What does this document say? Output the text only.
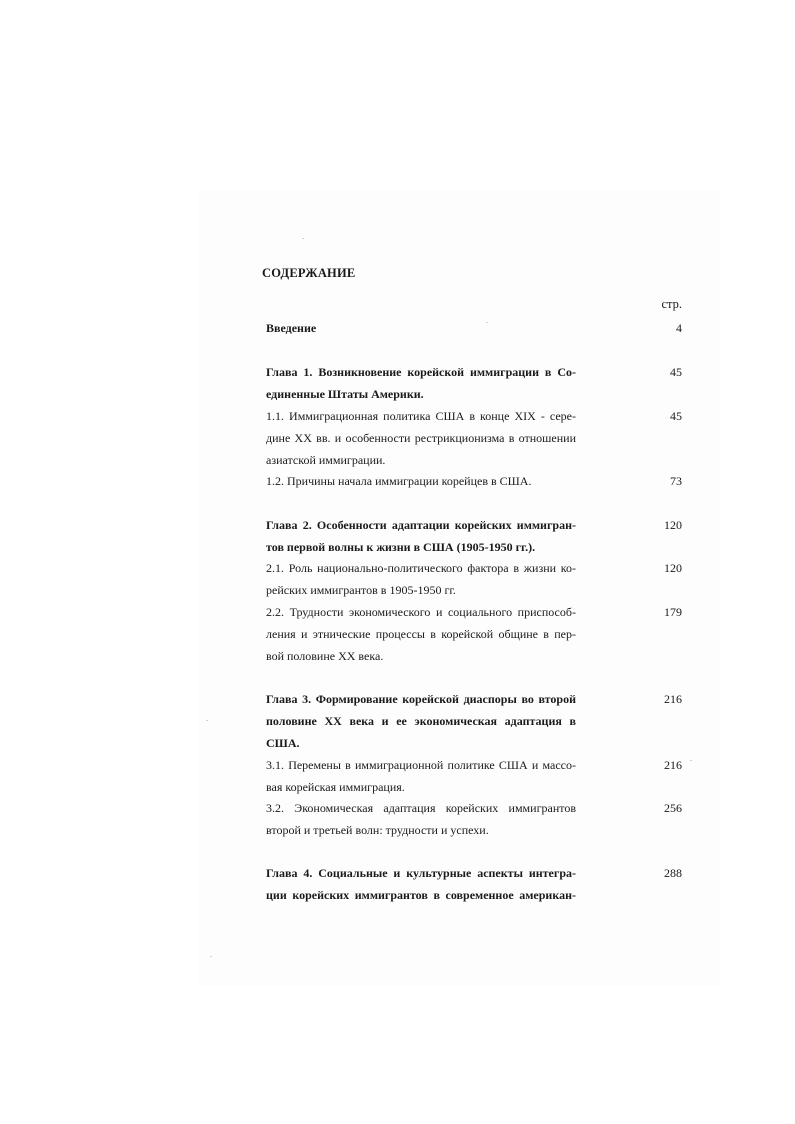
СОДЕРЖАНИЕ
стр.
Введение	4
Глава 1. Возникновение корейской иммиграции в Со-
единенные Штаты Америки.
45
1.1. Иммиграционная политика США в конце XIX - сере-
дине XX вв. и особенности рестрикционизма в отношении
азиатской иммиграции.
45
1.2. Причины начала иммиграции корейцев в США.	73
Глава 2. Особенности адаптации корейских иммигран-
тов первой волны к жизни в США (1905-1950 гг.).
120
2.1. Роль национально-политического фактора в жизни ко-
рейских иммигрантов в 1905-1950 гг.
120
2.2. Трудности экономического и социального приспособ-
ления и этнические процессы в корейской общине в пер-
вой половине XX века.
179
Глава 3. Формирование корейской диаспоры во второй
половине XX века и ее экономическая адаптация в
США.
216
3.1. Перемены в иммиграционной политике США и массо-
вая корейская иммиграция.
216
3.2. Экономическая адаптация корейских иммигрантов
второй и третьей волн: трудности и успехи.
256
Глава 4. Социальные и культурные аспекты интегра-
ции корейских иммигрантов в современное американ-
288
